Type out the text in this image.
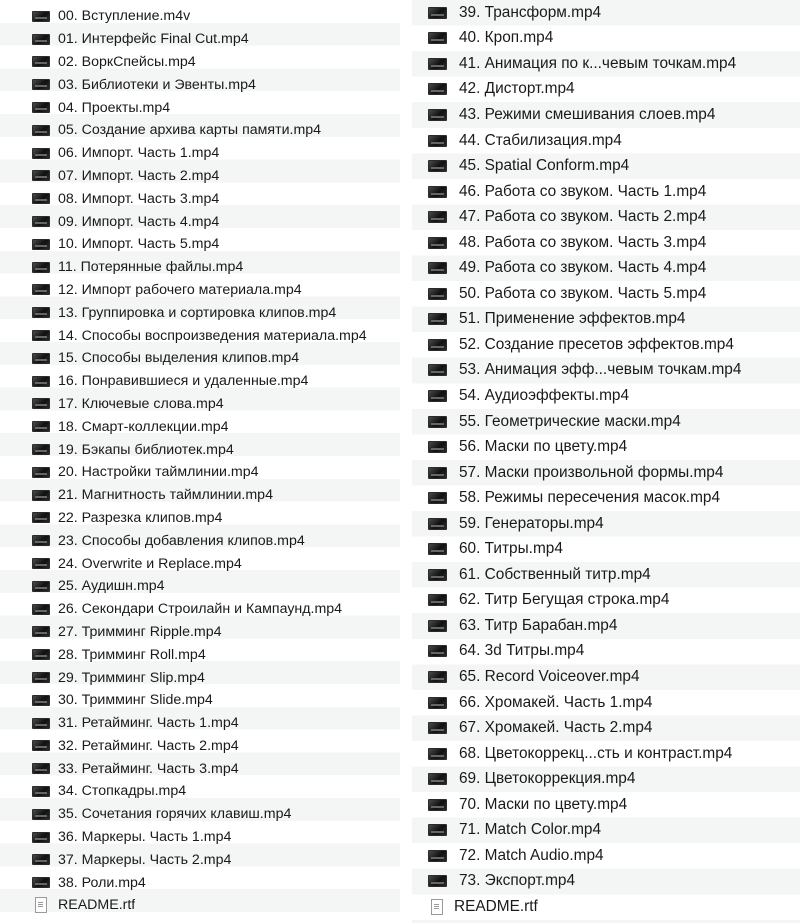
00. Вступление.m4v
01. Интерфейс Final Cut.mp4
02. ВоркСпейсы.mp4
03. Библиотеки и Эвенты.mp4
04. Проекты.mp4
05. Создание архива карты памяти.mp4
06. Импорт. Часть 1.mp4
07. Импорт. Часть 2.mp4
08. Импорт. Часть 3.mp4
09. Импорт. Часть 4.mp4
10. Импорт. Часть 5.mp4
11. Потерянные файлы.mp4
12. Импорт рабочего материала.mp4
13. Группировка и сортировка клипов.mp4
14. Способы воспроизведения материала.mp4
15. Способы выделения клипов.mp4
16. Понравившиеся и удаленные.mp4
17. Ключевые слова.mp4
18. Смарт-коллекции.mp4
19. Бэкапы библиотек.mp4
20. Настройки таймлинии.mp4
21. Магнитность таймлинии.mp4
22. Разрезка клипов.mp4
23. Способы добавления клипов.mp4
24. Overwrite и Replace.mp4
25. Аудишн.mp4
26. Секондари Строилайн и Кампаунд.mp4
27. Тримминг Ripple.mp4
28. Тримминг Roll.mp4
29. Тримминг Slip.mp4
30. Тримминг Slide.mp4
31. Ретайминг. Часть 1.mp4
32. Ретайминг. Часть 2.mp4
33. Ретайминг. Часть 3.mp4
34. Стопкадры.mp4
35. Сочетания горячих клавиш.mp4
36. Маркеры. Часть 1.mp4
37. Маркеры. Часть 2.mp4
38. Роли.mp4
README.rtf
39. Трансформ.mp4
40. Кроп.mp4
41. Анимация по к...чевым точкам.mp4
42. Дисторт.mp4
43. Режими смешивания слоев.mp4
44. Стабилизация.mp4
45. Spatial Conform.mp4
46. Работа со звуком. Часть 1.mp4
47. Работа со звуком. Часть 2.mp4
48. Работа со звуком. Часть 3.mp4
49. Работа со звуком. Часть 4.mp4
50. Работа со звуком. Часть 5.mp4
51. Применение эффектов.mp4
52. Создание пресетов эффектов.mp4
53. Анимация эфф...чевым точкам.mp4
54. Аудиоэффекты.mp4
55. Геометрические маски.mp4
56. Маски по цвету.mp4
57. Маски произвольной формы.mp4
58. Режимы пересечения масок.mp4
59. Генераторы.mp4
60. Титры.mp4
61. Собственный титр.mp4
62. Титр Бегущая строка.mp4
63. Титр Барабан.mp4
64. 3d Титры.mp4
65. Record Voiceover.mp4
66. Хромакей. Часть 1.mp4
67. Хромакей. Часть 2.mp4
68. Цветокоррекц...сть и контраст.mp4
69. Цветокоррекция.mp4
70. Маски по цвету.mp4
71. Match Color.mp4
72. Match Audio.mp4
73. Экспорт.mp4
README.rtf
